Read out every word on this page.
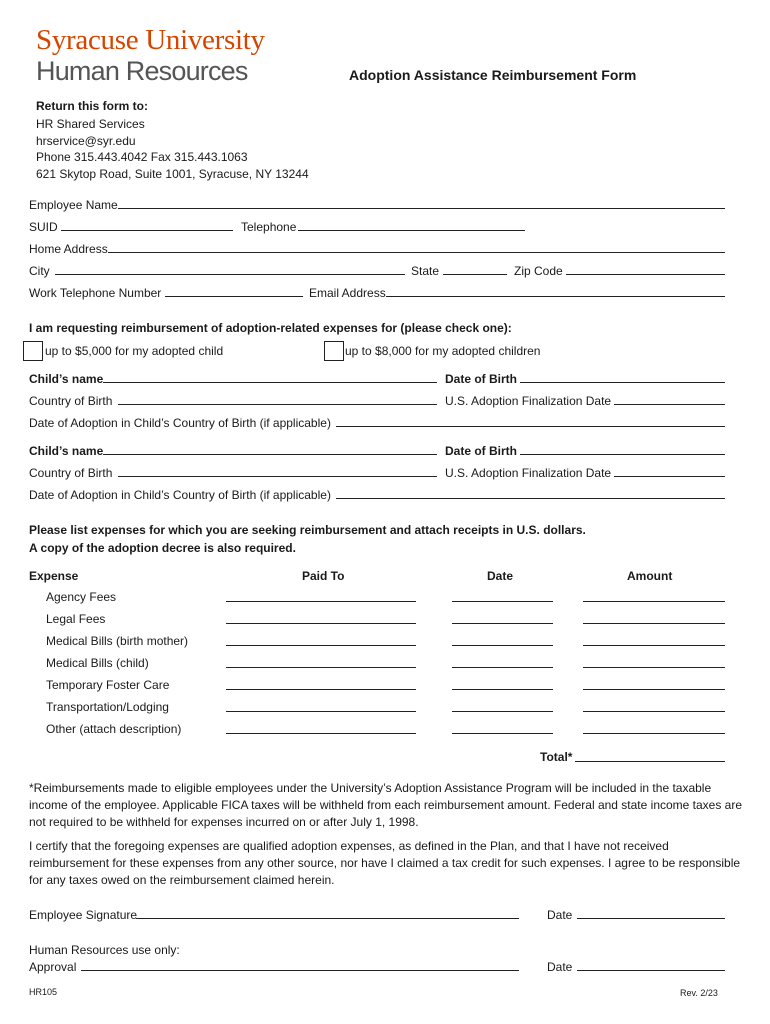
Syracuse University
Human Resources	Adoption Assistance Reimbursement Form
Return this form to:
HR Shared Services
hrservice@syr.edu
Phone 315.443.4042 Fax 315.443.1063
621 Skytop Road, Suite 1001, Syracuse, NY 13244
Employee Name
SUID	Telephone
Home Address
City	State	Zip Code
Work Telephone Number	Email Address
I am requesting reimbursement of adoption-related expenses for (please check one):
up to $5,000 for my adopted child	up to $8,000 for my adopted children
Child’s name	Date of Birth
Country of Birth	U.S. Adoption Finalization Date
Date of Adoption in Child’s Country of Birth (if applicable)
Child’s name	Date of Birth
Country of Birth	U.S. Adoption Finalization Date
Date of Adoption in Child’s Country of Birth (if applicable)
Please list expenses for which you are seeking reimbursement and attach receipts in U.S. dollars.
A copy of the adoption decree is also required.
Expense	Paid To	Date	Amount
Agency Fees
Legal Fees
Medical Bills (birth mother)
Medical Bills (child)
Temporary Foster Care
Transportation/Lodging
Other (attach description)
Total*
*Reimbursements made to eligible employees under the University’s Adoption Assistance Program will be included in the taxable
income of the employee. Applicable FICA taxes will be withheld from each reimbursement amount. Federal and state income taxes are
not required to be withheld for expenses incurred on or after July 1, 1998.
I certify that the foregoing expenses are qualified adoption expenses, as defined in the Plan, and that I have not received
reimbursement for these expenses from any other source, nor have I claimed a tax credit for such expenses. I agree to be responsible
for any taxes owed on the reimbursement claimed herein.
Employee Signature	Date
Human Resources use only:
Approval	Date
HR105	Rev. 2/23
